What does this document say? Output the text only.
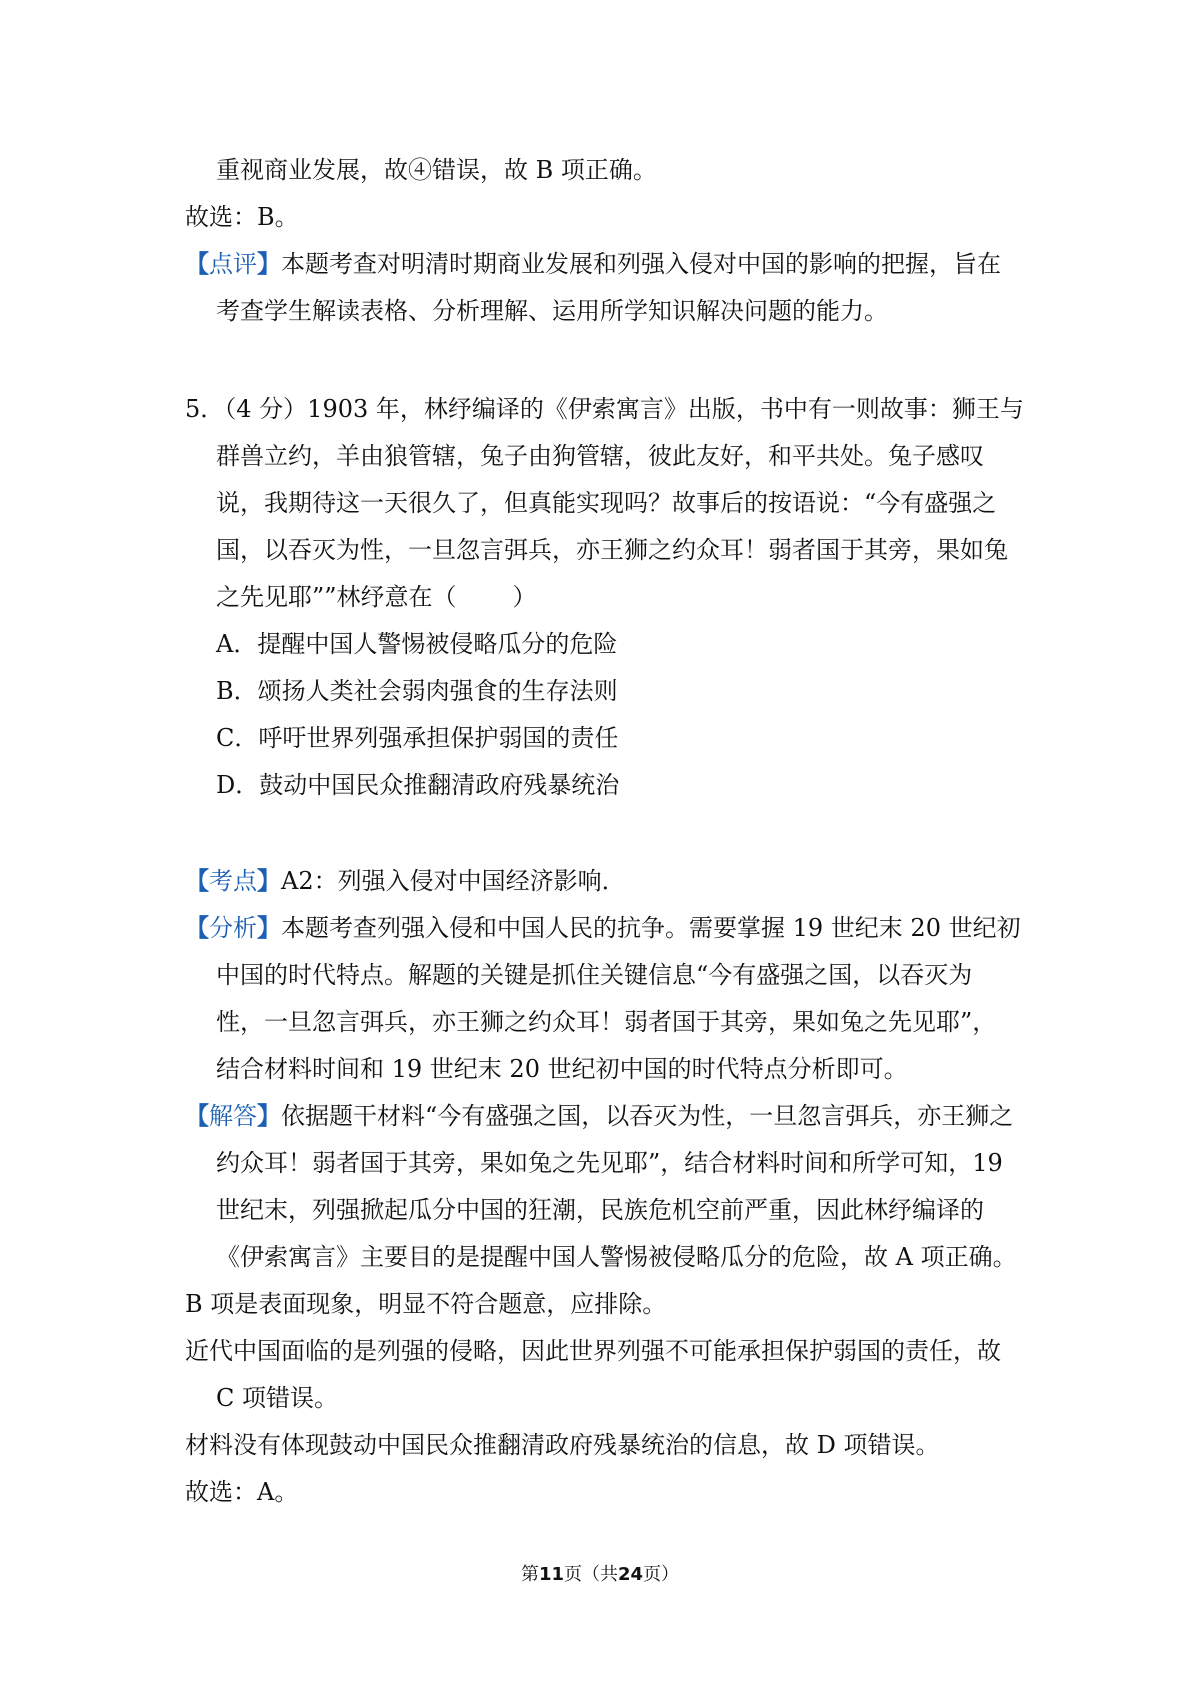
重视商业发展，故④错误，故 B 项正确。
故选：B。
【点评】本题考查对明清时期商业发展和列强入侵对中国的影响的把握，旨在
考查学生解读表格、分析理解、运用所学知识解决问题的能力。
5．（4 分）1903 年，林纾编译的《伊索寓言》出版，书中有一则故事：狮王与
群兽立约，羊由狼管辖，兔子由狗管辖，彼此友好，和平共处。兔子感叹
说，我期待这一天很久了，但真能实现吗？故事后的按语说：“今有盛强之
国，以吞灭为性，一旦忽言弭兵，亦王狮之约众耳！弱者国于其旁，果如兔
之先见耶””林纾意在（ ）
A．提醒中国人警惕被侵略瓜分的危险
B．颂扬人类社会弱肉强食的生存法则
C．呼吁世界列强承担保护弱国的责任
D．鼓动中国民众推翻清政府残暴统治
【考点】A2：列强入侵对中国经济影响．
【分析】本题考查列强入侵和中国人民的抗争。需要掌握 19 世纪末 20 世纪初
中国的时代特点。解题的关键是抓住关键信息“今有盛强之国，以吞灭为
性，一旦忽言弭兵，亦王狮之约众耳！弱者国于其旁，果如兔之先见耶”，
结合材料时间和 19 世纪末 20 世纪初中国的时代特点分析即可。
【解答】依据题干材料“今有盛强之国，以吞灭为性，一旦忽言弭兵，亦王狮之
约众耳！弱者国于其旁，果如兔之先见耶”，结合材料时间和所学可知，19
世纪末，列强掀起瓜分中国的狂潮，民族危机空前严重，因此林纾编译的
《伊索寓言》主要目的是提醒中国人警惕被侵略瓜分的危险，故 A 项正确。
B 项是表面现象，明显不符合题意，应排除。
近代中国面临的是列强的侵略，因此世界列强不可能承担保护弱国的责任，故
C 项错误。
材料没有体现鼓动中国民众推翻清政府残暴统治的信息，故 D 项错误。
故选：A。
第11页（共24页）
